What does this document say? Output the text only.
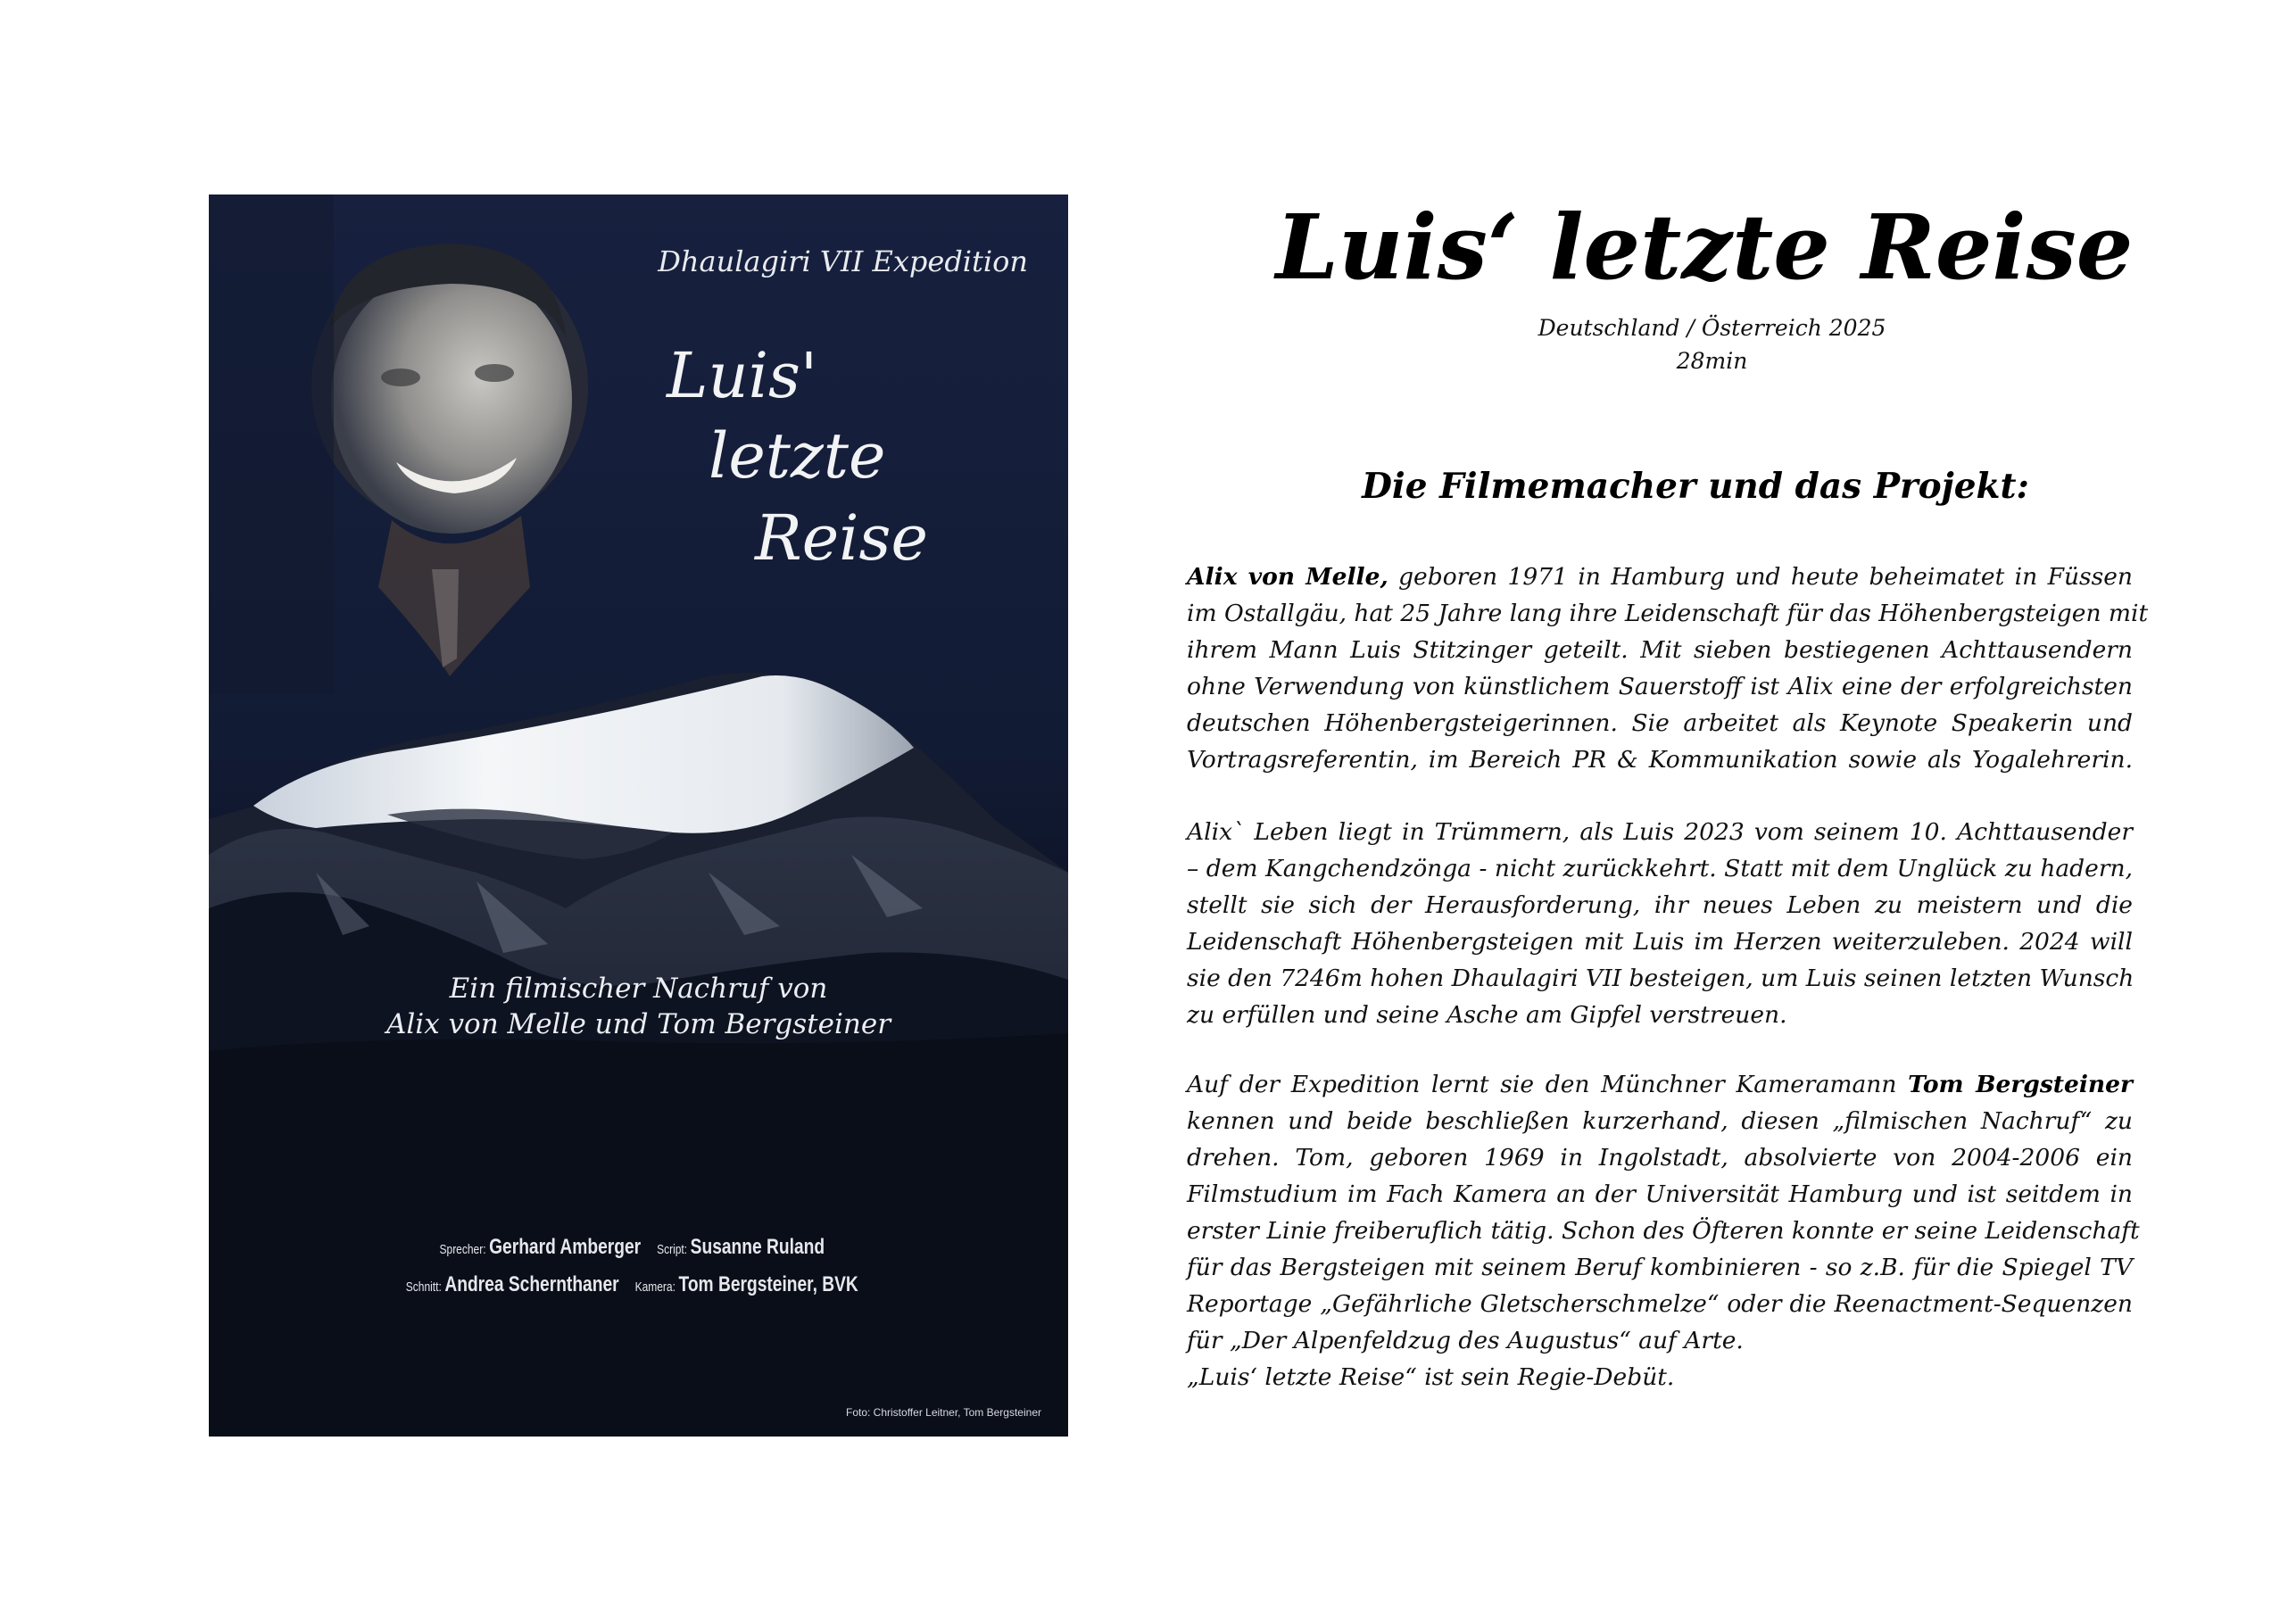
Dhaulagiri VII Expedition
Luis'
letzte
Reise
Ein filmischer Nachruf von
Alix von Melle und Tom Bergsteiner
Sprecher: Gerhard Amberger Script: Susanne Ruland
Schnitt: Andrea Schernthaner Kamera: Tom Bergsteiner, BVK
Foto: Christoffer Leitner, Tom Bergsteiner
Luis‘ letzte Reise
Deutschland / Österreich 2025
28min
Die Filmemacher und das Projekt:
Alix von Melle, geboren 1971 in Hamburg und heute beheimatet in Füssen
im Ostallgäu, hat 25 Jahre lang ihre Leidenschaft für das Höhenbergsteigen mit
ihrem Mann Luis Stitzinger geteilt. Mit sieben bestiegenen Achttausendern
ohne Verwendung von künstlichem Sauerstoff ist Alix eine der erfolgreichsten
deutschen Höhenbergsteigerinnen. Sie arbeitet als Keynote Speakerin und
Vortragsreferentin, im Bereich PR & Kommunikation sowie als Yogalehrerin.
Alix` Leben liegt in Trümmern, als Luis 2023 vom seinem 10. Achttausender
– dem Kangchendzönga - nicht zurückkehrt. Statt mit dem Unglück zu hadern,
stellt sie sich der Herausforderung, ihr neues Leben zu meistern und die
Leidenschaft Höhenbergsteigen mit Luis im Herzen weiterzuleben. 2024 will
sie den 7246m hohen Dhaulagiri VII besteigen, um Luis seinen letzten Wunsch
zu erfüllen und seine Asche am Gipfel verstreuen.
Auf der Expedition lernt sie den Münchner Kameramann Tom Bergsteiner
kennen und beide beschließen kurzerhand, diesen „filmischen Nachruf“ zu
drehen. Tom, geboren 1969 in Ingolstadt, absolvierte von 2004-2006 ein
Filmstudium im Fach Kamera an der Universität Hamburg und ist seitdem in
erster Linie freiberuflich tätig. Schon des Öfteren konnte er seine Leidenschaft
für das Bergsteigen mit seinem Beruf kombinieren - so z.B. für die Spiegel TV
Reportage „Gefährliche Gletscherschmelze“ oder die Reenactment-Sequenzen
für „Der Alpenfeldzug des Augustus“ auf Arte.
„Luis‘ letzte Reise“ ist sein Regie-Debüt.
